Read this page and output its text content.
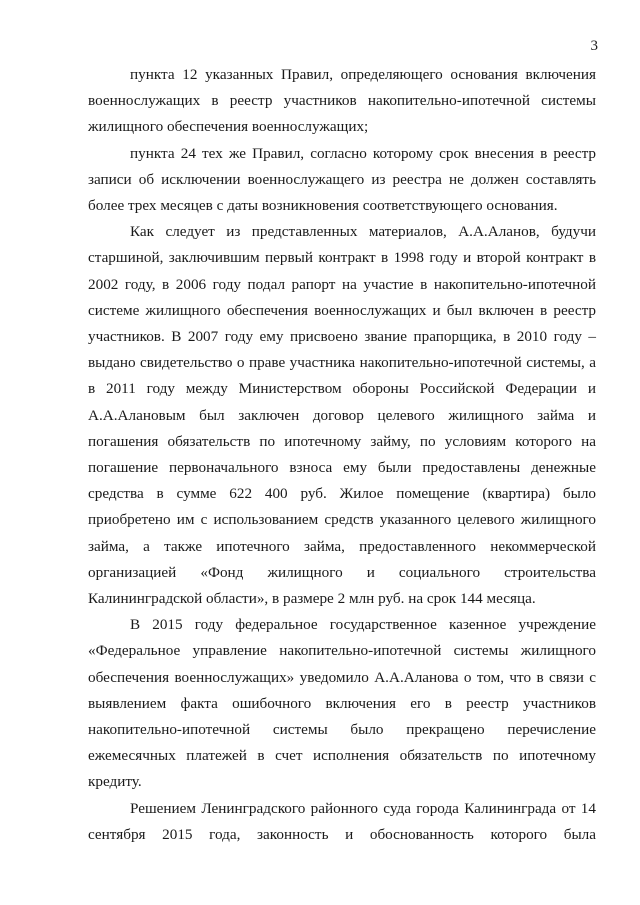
3

пункта 12 указанных Правил, определяющего основания включения военнослужащих в реестр участников накопительно-ипотечной системы жилищного обеспечения военнослужащих;

пункта 24 тех же Правил, согласно которому срок внесения в реестр записи об исключении военнослужащего из реестра не должен составлять более трех месяцев с даты возникновения соответствующего основания.

Как следует из представленных материалов, А.А.Аланов, будучи старшиной, заключившим первый контракт в 1998 году и второй контракт в 2002 году, в 2006 году подал рапорт на участие в накопительно-ипотечной системе жилищного обеспечения военнослужащих и был включен в реестр участников. В 2007 году ему присвоено звание прапорщика, в 2010 году – выдано свидетельство о праве участника накопительно-ипотечной системы, а в 2011 году между Министерством обороны Российской Федерации и А.А.Алановым был заключен договор целевого жилищного займа и погашения обязательств по ипотечному займу, по условиям которого на погашение первоначального взноса ему были предоставлены денежные средства в сумме 622 400 руб. Жилое помещение (квартира) было приобретено им с использованием средств указанного целевого жилищного займа, а также ипотечного займа, предоставленного некоммерческой организацией «Фонд жилищного и социального строительства Калининградской области», в размере 2 млн руб. на срок 144 месяца.

В 2015 году федеральное государственное казенное учреждение «Федеральное управление накопительно-ипотечной системы жилищного обеспечения военнослужащих» уведомило А.А.Аланова о том, что в связи с выявлением факта ошибочного включения его в реестр участников накопительно-ипотечной системы было прекращено перечисление ежемесячных платежей в счет исполнения обязательств по ипотечному кредиту.

Решением Ленинградского районного суда города Калининграда от 14 сентября 2015 года, законность и обоснованность которого была
